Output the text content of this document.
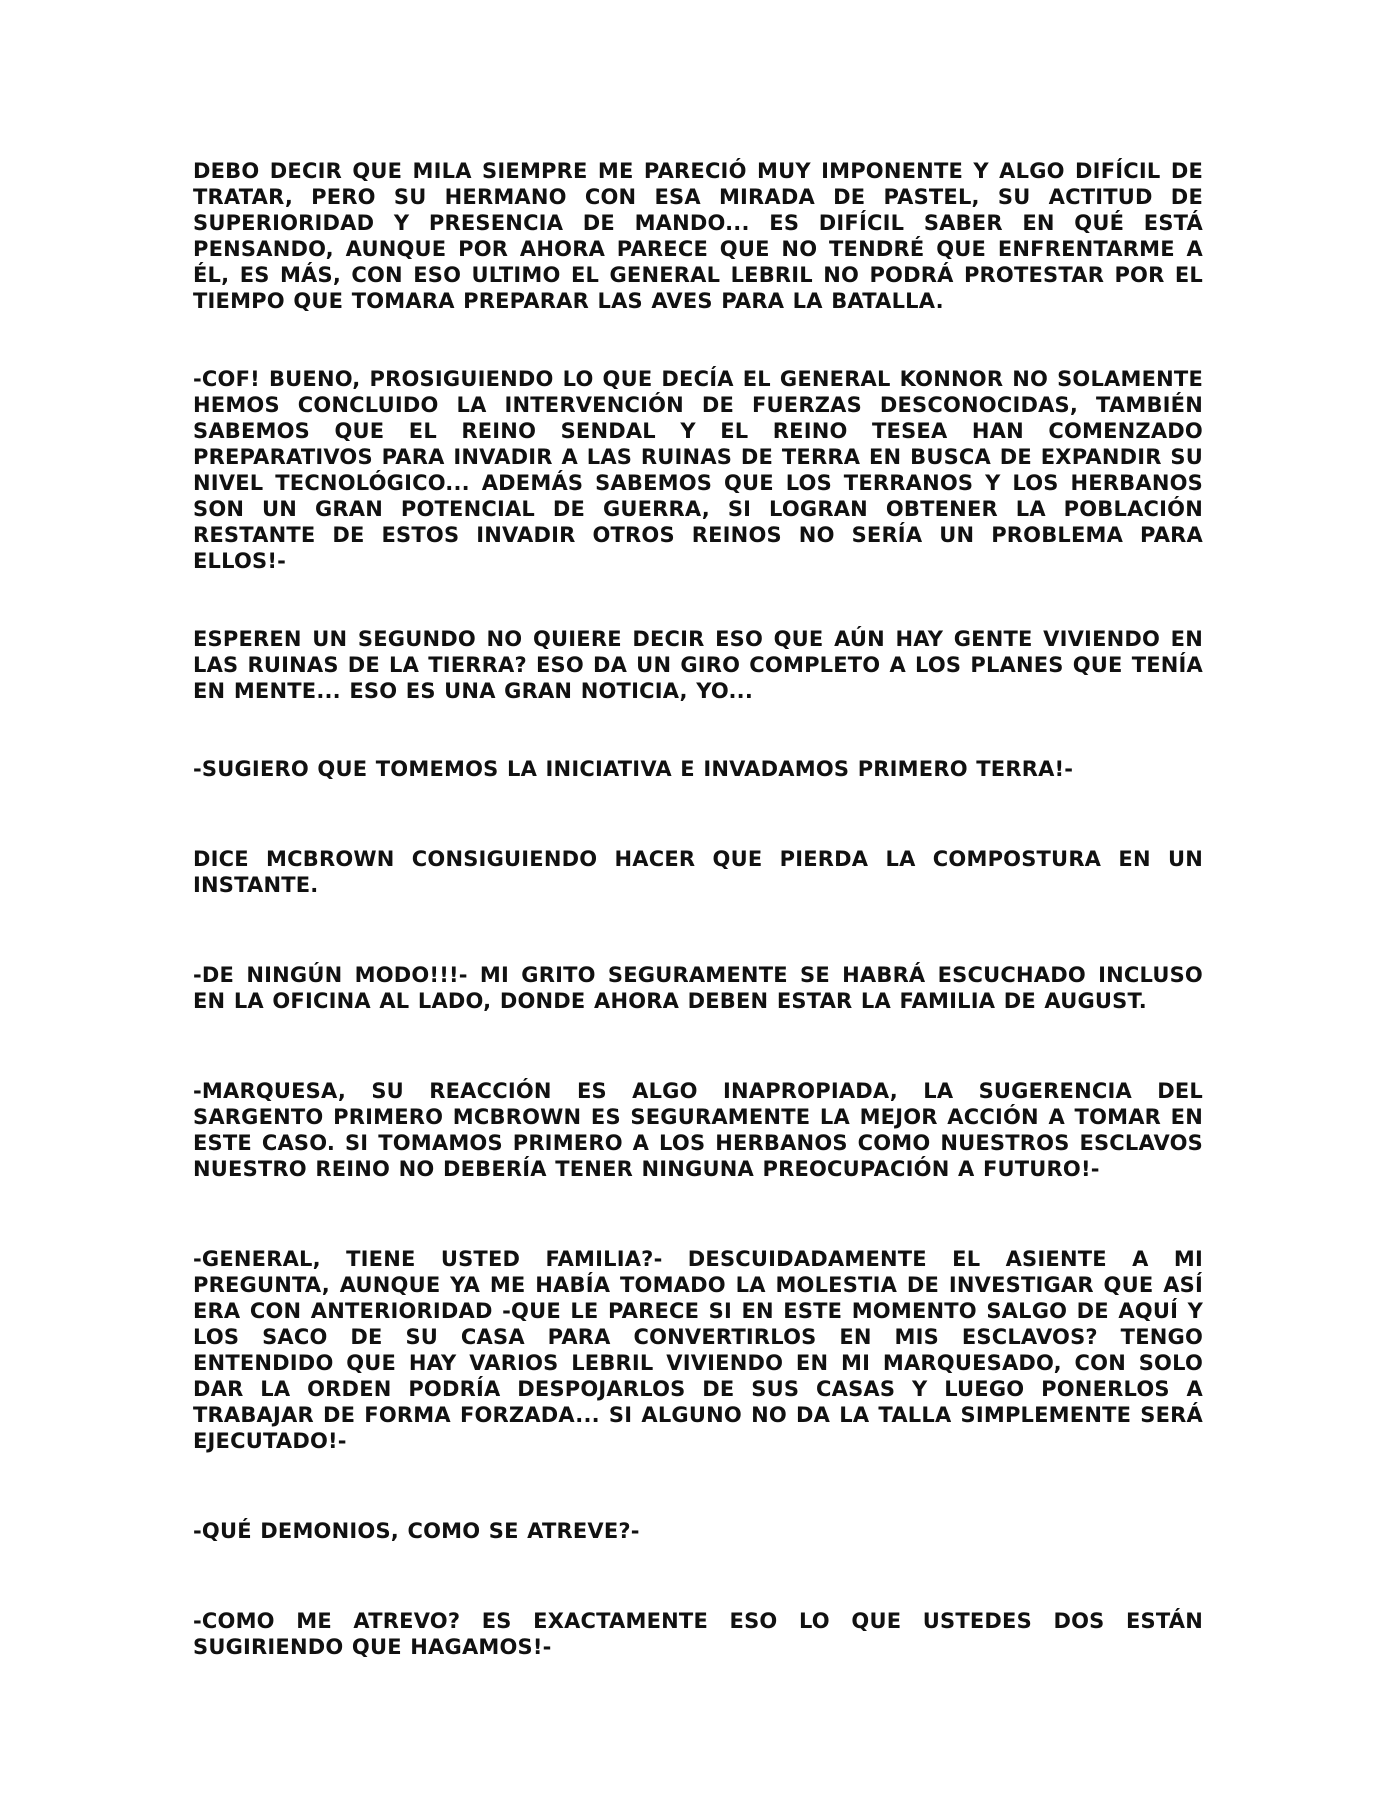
DEBO DECIR QUE MILA SIEMPRE ME PARECIÓ MUY IMPONENTE Y ALGO DIFÍCIL DE TRATAR, PERO SU HERMANO CON ESA MIRADA DE PASTEL, SU ACTITUD DE SUPERIORIDAD Y PRESENCIA DE MANDO... ES DIFÍCIL SABER EN QUÉ ESTÁ PENSANDO, AUNQUE POR AHORA PARECE QUE NO TENDRÉ QUE ENFRENTARME A ÉL, ES MÁS, CON ESO ULTIMO EL GENERAL LEBRIL NO PODRÁ PROTESTAR POR EL TIEMPO QUE TOMARA PREPARAR LAS AVES PARA LA BATALLA.

-COF! BUENO, PROSIGUIENDO LO QUE DECÍA EL GENERAL KONNOR NO SOLAMENTE HEMOS CONCLUIDO LA INTERVENCIÓN DE FUERZAS DESCONOCIDAS, TAMBIÉN SABEMOS QUE EL REINO SENDAL Y EL REINO TESEA HAN COMENZADO PREPARATIVOS PARA INVADIR A LAS RUINAS DE TERRA EN BUSCA DE EXPANDIR SU NIVEL TECNOLÓGICO... ADEMÁS SABEMOS QUE LOS TERRANOS Y LOS HERBANOS SON UN GRAN POTENCIAL DE GUERRA, SI LOGRAN OBTENER LA POBLACIÓN RESTANTE DE ESTOS INVADIR OTROS REINOS NO SERÍA UN PROBLEMA PARA ELLOS!-

ESPEREN UN SEGUNDO NO QUIERE DECIR ESO QUE AÚN HAY GENTE VIVIENDO EN LAS RUINAS DE LA TIERRA? ESO DA UN GIRO COMPLETO A LOS PLANES QUE TENÍA EN MENTE... ESO ES UNA GRAN NOTICIA, YO...

-SUGIERO QUE TOMEMOS LA INICIATIVA E INVADAMOS PRIMERO TERRA!-

DICE MCBROWN CONSIGUIENDO HACER QUE PIERDA LA COMPOSTURA EN UN INSTANTE.

-DE NINGÚN MODO!!!- MI GRITO SEGURAMENTE SE HABRÁ ESCUCHADO INCLUSO EN LA OFICINA AL LADO, DONDE AHORA DEBEN ESTAR LA FAMILIA DE AUGUST.

-MARQUESA, SU REACCIÓN ES ALGO INAPROPIADA, LA SUGERENCIA DEL SARGENTO PRIMERO MCBROWN ES SEGURAMENTE LA MEJOR ACCIÓN A TOMAR EN ESTE CASO. SI TOMAMOS PRIMERO A LOS HERBANOS COMO NUESTROS ESCLAVOS NUESTRO REINO NO DEBERÍA TENER NINGUNA PREOCUPACIÓN A FUTURO!-

-GENERAL, TIENE USTED FAMILIA?- DESCUIDADAMENTE EL ASIENTE A MI PREGUNTA, AUNQUE YA ME HABÍA TOMADO LA MOLESTIA DE INVESTIGAR QUE ASÍ ERA CON ANTERIORIDAD -QUE LE PARECE SI EN ESTE MOMENTO SALGO DE AQUÍ Y LOS SACO DE SU CASA PARA CONVERTIRLOS EN MIS ESCLAVOS? TENGO ENTENDIDO QUE HAY VARIOS LEBRIL VIVIENDO EN MI MARQUESADO, CON SOLO DAR LA ORDEN PODRÍA DESPOJARLOS DE SUS CASAS Y LUEGO PONERLOS A TRABAJAR DE FORMA FORZADA... SI ALGUNO NO DA LA TALLA SIMPLEMENTE SERÁ EJECUTADO!-

-QUÉ DEMONIOS, COMO SE ATREVE?-

-COMO ME ATREVO? ES EXACTAMENTE ESO LO QUE USTEDES DOS ESTÁN SUGIRIENDO QUE HAGAMOS!-
